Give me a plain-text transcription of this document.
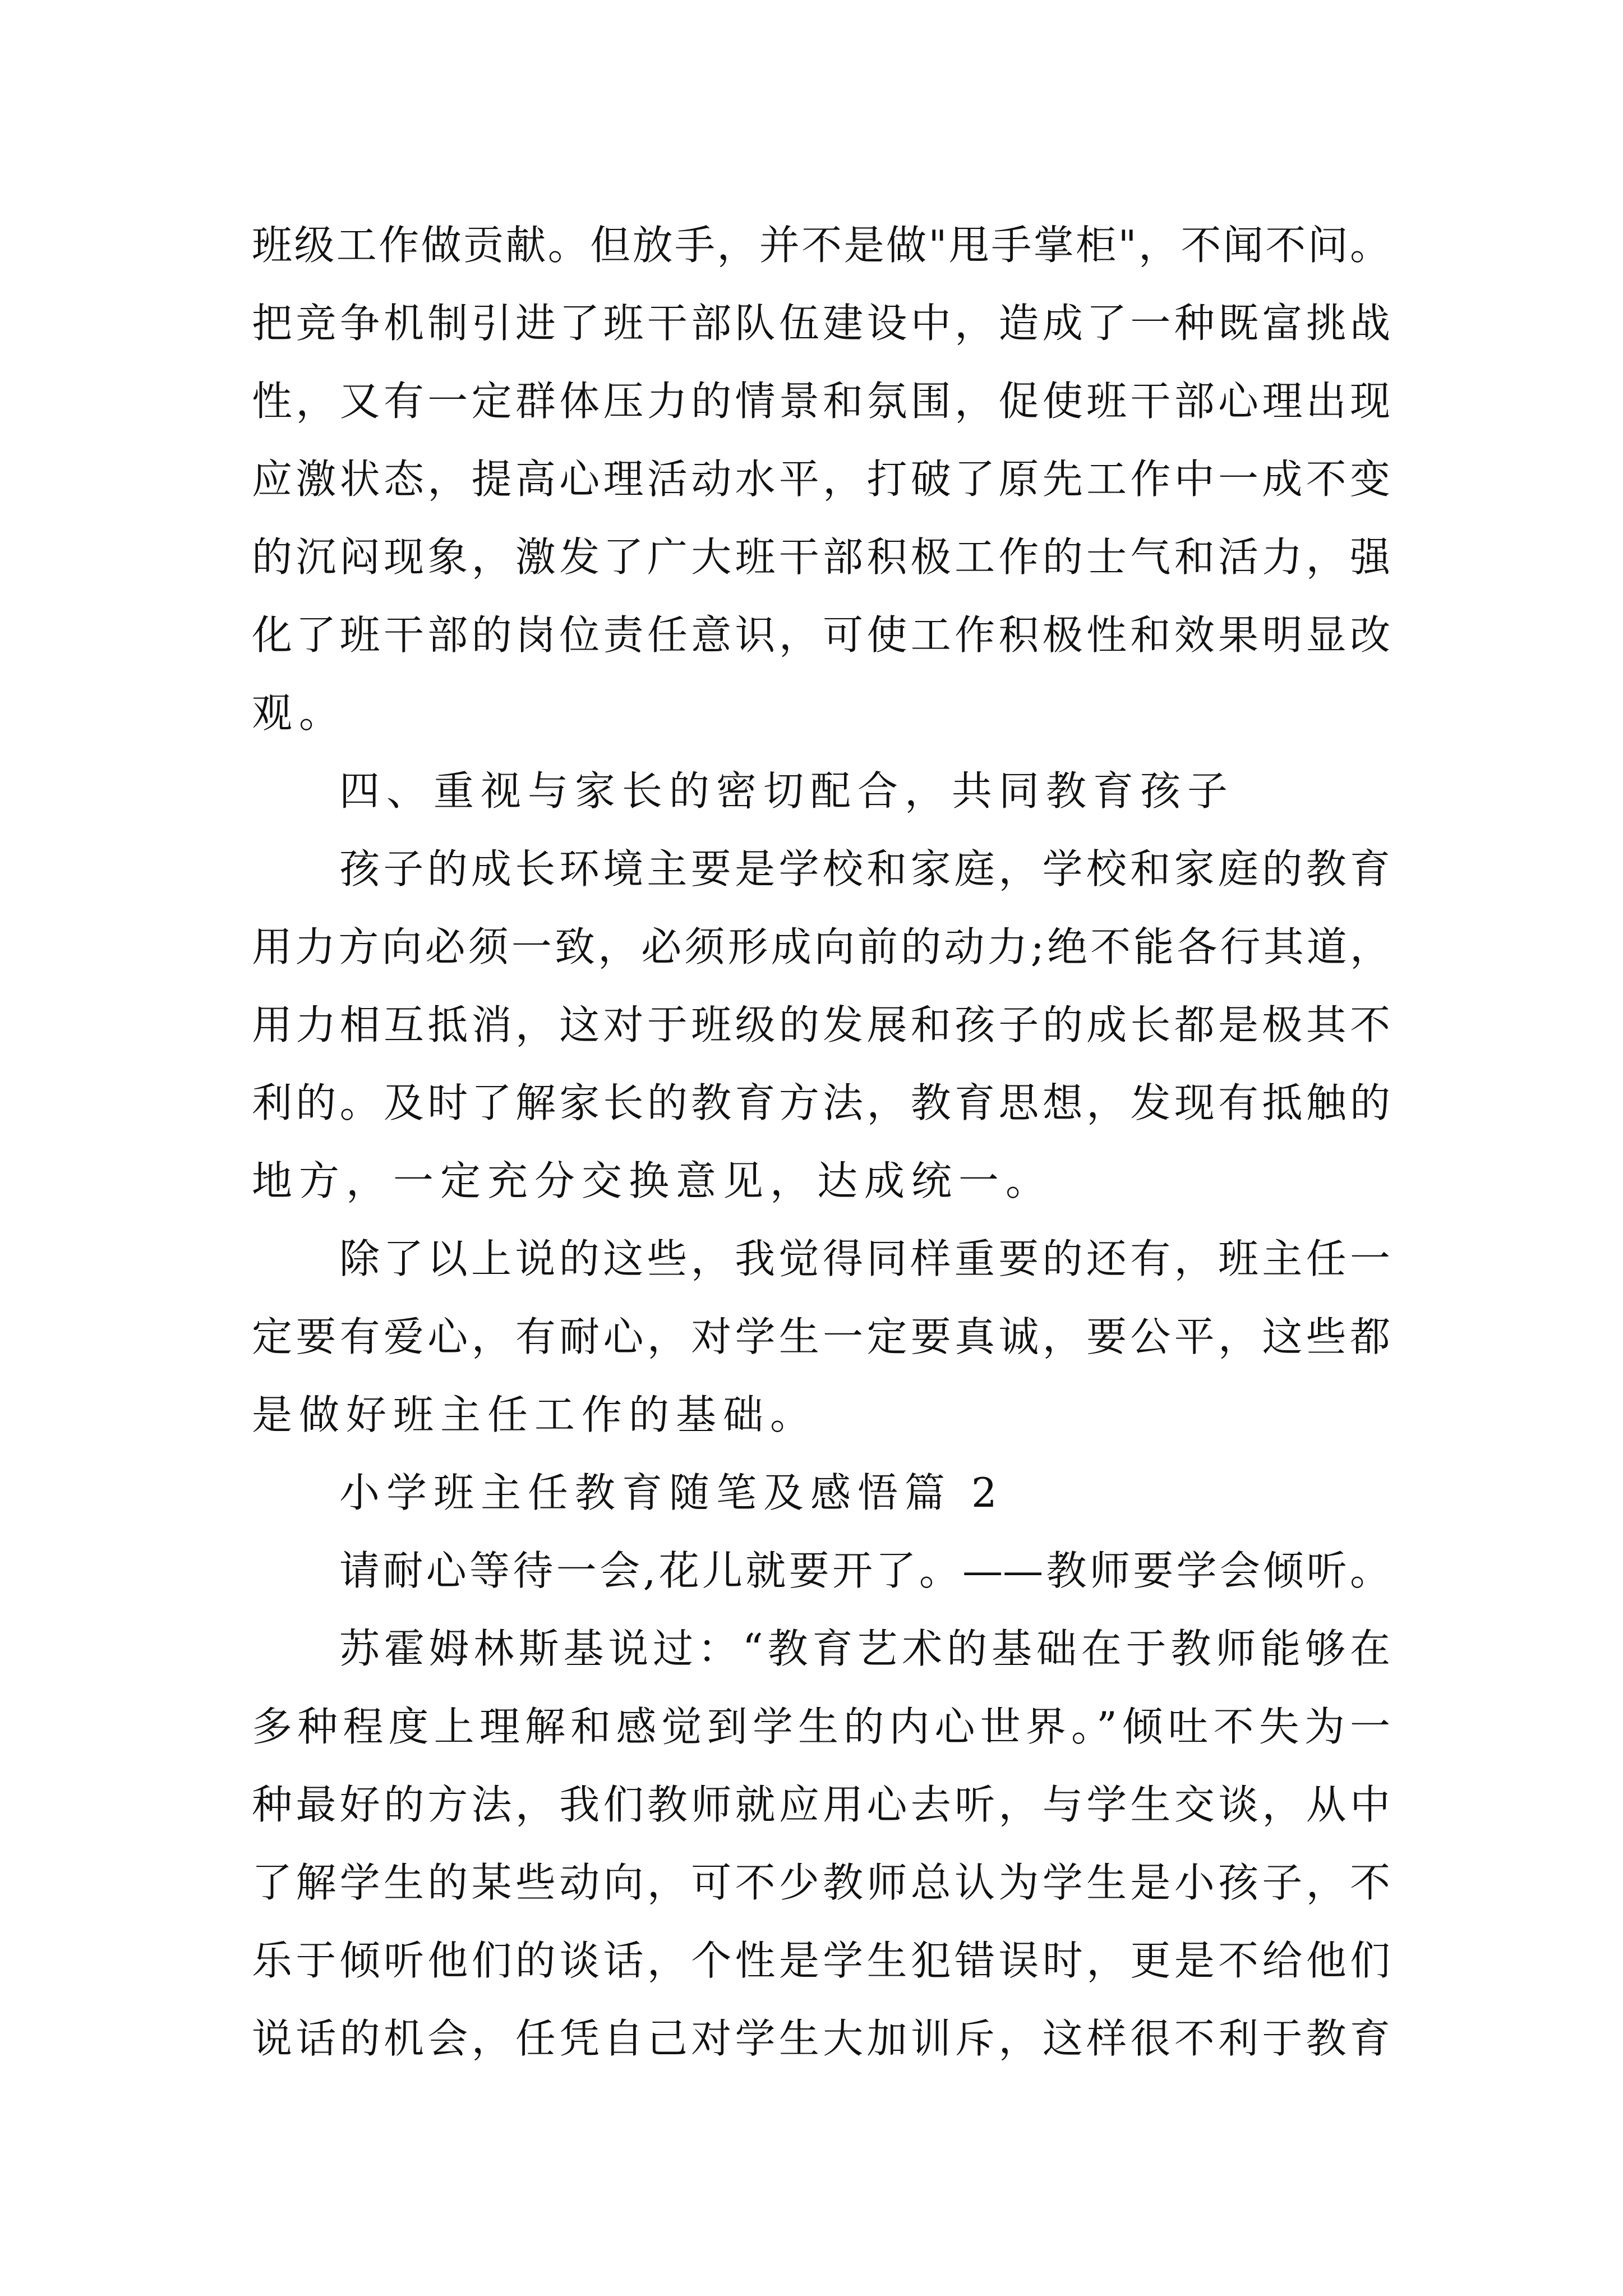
班级工作做贡献。但放手，并不是做"甩手掌柜"，不闻不问。
把竞争机制引进了班干部队伍建设中，造成了一种既富挑战
性，又有一定群体压力的情景和氛围，促使班干部心理出现
应激状态，提高心理活动水平，打破了原先工作中一成不变
的沉闷现象，激发了广大班干部积极工作的士气和活力，强
化了班干部的岗位责任意识，可使工作积极性和效果明显改
观。
四、重视与家长的密切配合，共同教育孩子
孩子的成长环境主要是学校和家庭，学校和家庭的教育
用力方向必须一致，必须形成向前的动力;绝不能各行其道，
用力相互抵消，这对于班级的发展和孩子的成长都是极其不
利的。及时了解家长的教育方法，教育思想，发现有抵触的
地方，一定充分交换意见，达成统一。
除了以上说的这些，我觉得同样重要的还有，班主任一
定要有爱心，有耐心，对学生一定要真诚，要公平，这些都
是做好班主任工作的基础。
小学班主任教育随笔及感悟篇 2
请耐心等待一会,花儿就要开了。——教师要学会倾听。
苏霍姆林斯基说过：“教育艺术的基础在于教师能够在
多种程度上理解和感觉到学生的内心世界。”倾吐不失为一
种最好的方法，我们教师就应用心去听，与学生交谈，从中
了解学生的某些动向，可不少教师总认为学生是小孩子，不
乐于倾听他们的谈话，个性是学生犯错误时，更是不给他们
说话的机会，任凭自己对学生大加训斥，这样很不利于教育
